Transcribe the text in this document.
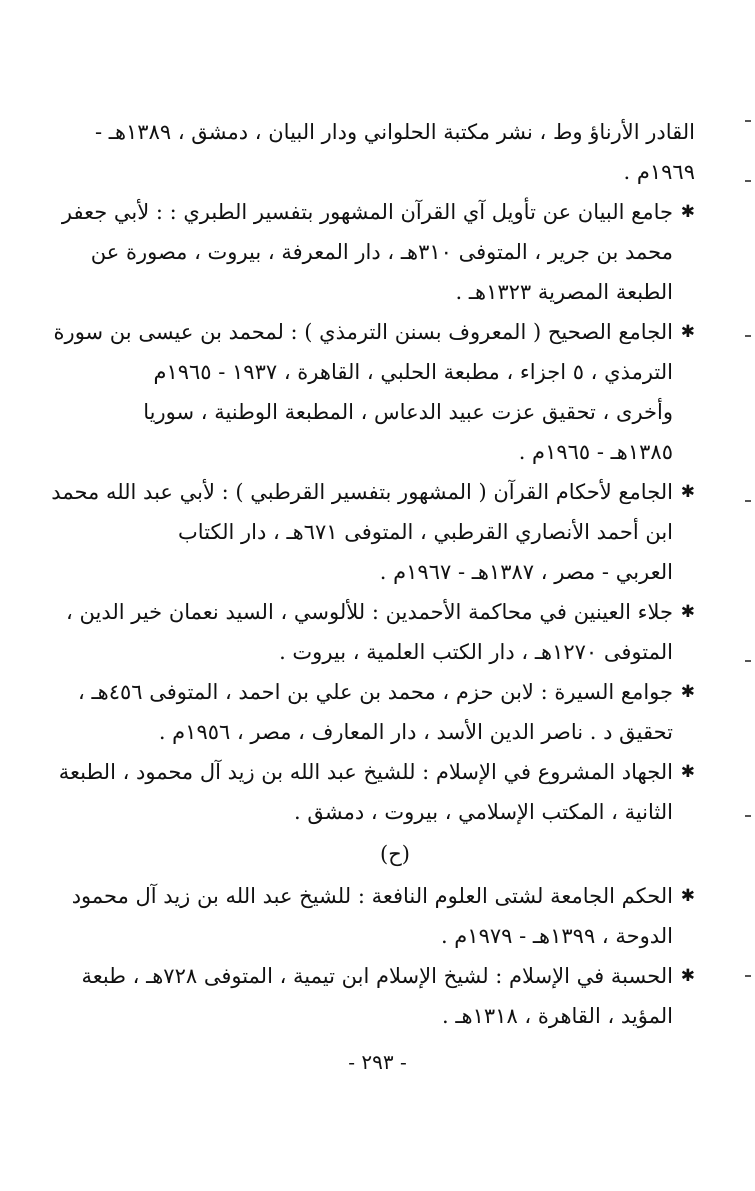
القادر الأرناؤ وط ، نشر مكتبة الحلواني ودار البيان ، دمشق ، ١٣٨٩هـ -
١٩٦٩م .
✱
جامع البيان عن تأويل آي القرآن المشهور بتفسير الطبري : : لأبي جعفر
محمد بن جرير ، المتوفى ٣١٠هـ ، دار المعرفة ، بيروت ، مصورة عن
الطبعة المصرية ١٣٢٣هـ .
✱
الجامع الصحيح ( المعروف بسنن الترمذي ) : لمحمد بن عيسى بن سورة
الترمذي ، ٥ اجزاء ، مطبعة الحلبي ، القاهرة ، ١٩٣٧ - ١٩٦٥م
وأخرى ، تحقيق عزت عبيد الدعاس ، المطبعة الوطنية ، سوريا
١٣٨٥هـ - ١٩٦٥م .
✱
الجامع لأحكام القرآن ( المشهور بتفسير القرطبي ) : لأبي عبد الله محمد
ابن أحمد الأنصاري القرطبي ، المتوفى ٦٧١هـ ، دار الكتاب
العربي - مصر ، ١٣٨٧هـ - ١٩٦٧م .
✱
جلاء العينين في محاكمة الأحمدين : للألوسي ، السيد نعمان خير الدين ،
المتوفى ١٢٧٠هـ ، دار الكتب العلمية ، بيروت .
✱
جوامع السيرة : لابن حزم ، محمد بن علي بن احمد ، المتوفى ٤٥٦هـ ،
تحقيق د . ناصر الدين الأسد ، دار المعارف ، مصر ، ١٩٥٦م .
✱
الجهاد المشروع في الإسلام : للشيخ عبد الله بن زيد آل محمود ، الطبعة
الثانية ، المكتب الإسلامي ، بيروت ، دمشق .
(ح)
✱
الحكم الجامعة لشتى العلوم النافعة : للشيخ عبد الله بن زيد آل محمود
الدوحة ، ١٣٩٩هـ - ١٩٧٩م .
✱
الحسبة في الإسلام : لشيخ الإسلام ابن تيمية ، المتوفى ٧٢٨هـ ، طبعة
المؤيد ، القاهرة ، ١٣١٨هـ .
- ٢٩٣ -
